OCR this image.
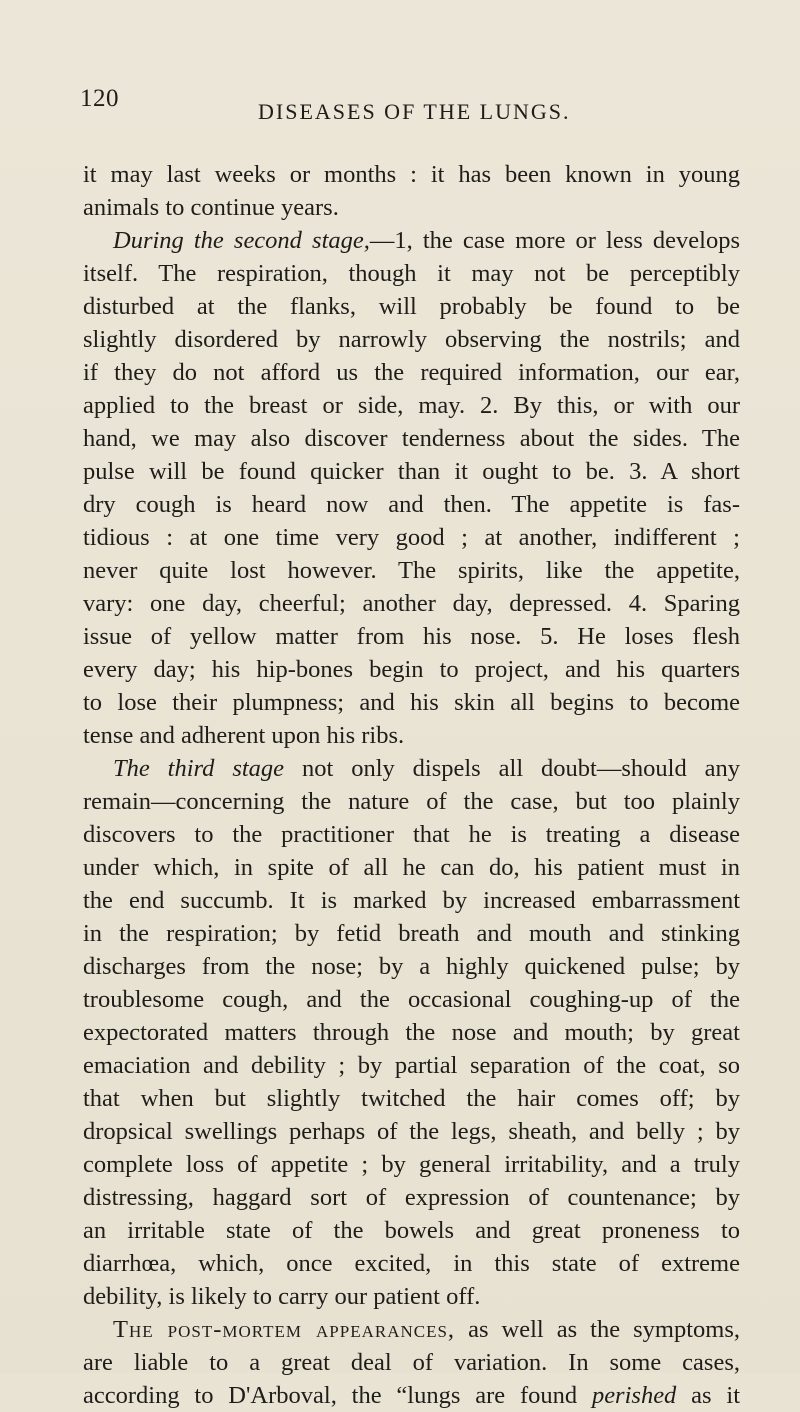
120	DISEASES OF THE LUNGS.
it may last weeks or months : it has been known in young
animals to continue years.
During the second stage,—1, the case more or less develops
itself. The respiration, though it may not be perceptibly
disturbed at the flanks, will probably be found to be
slightly disordered by narrowly observing the nostrils; and
if they do not afford us the required information, our ear,
applied to the breast or side, may. 2. By this, or with our
hand, we may also discover tenderness about the sides. The
pulse will be found quicker than it ought to be. 3. A short
dry cough is heard now and then. The appetite is fas-
tidious : at one time very good ; at another, indifferent ;
never quite lost however. The spirits, like the appetite,
vary: one day, cheerful; another day, depressed. 4. Sparing
issue of yellow matter from his nose. 5. He loses flesh
every day; his hip-bones begin to project, and his quarters
to lose their plumpness; and his skin all begins to become
tense and adherent upon his ribs.
The third stage not only dispels all doubt—should any
remain—concerning the nature of the case, but too plainly
discovers to the practitioner that he is treating a disease
under which, in spite of all he can do, his patient must in
the end succumb. It is marked by increased embarrassment
in the respiration; by fetid breath and mouth and stinking
discharges from the nose; by a highly quickened pulse; by
troublesome cough, and the occasional coughing-up of the
expectorated matters through the nose and mouth; by great
emaciation and debility ; by partial separation of the coat, so
that when but slightly twitched the hair comes off; by
dropsical swellings perhaps of the legs, sheath, and belly ; by
complete loss of appetite ; by general irritability, and a truly
distressing, haggard sort of expression of countenance; by
an irritable state of the bowels and great proneness to
diarrhœa, which, once excited, in this state of extreme
debility, is likely to carry our patient off.
The post-mortem appearances, as well as the symptoms,
are liable to a great deal of variation. In some cases,
according to D'Arboval, the “lungs are found perished as it
